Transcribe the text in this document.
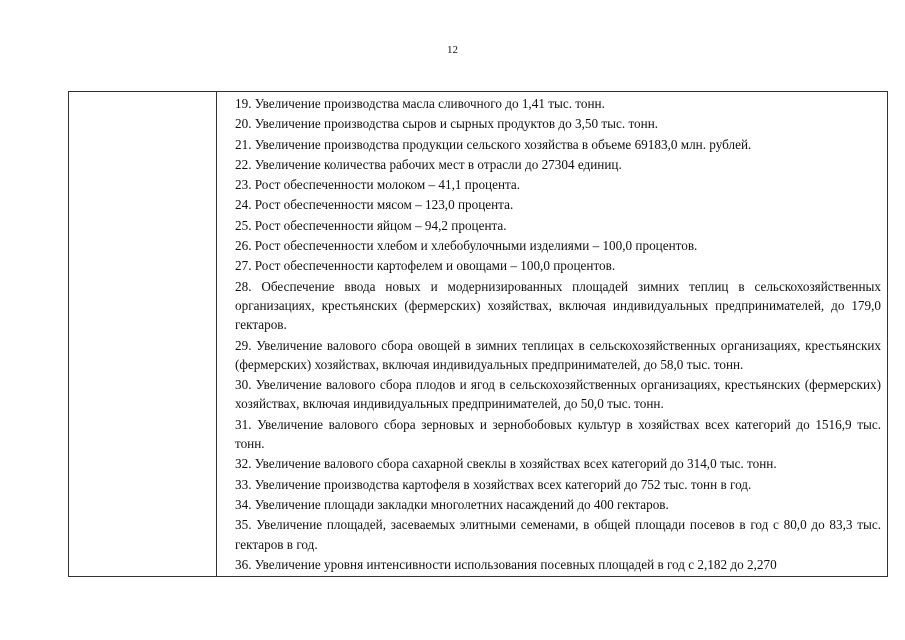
12

19. Увеличение производства масла сливочного до 1,41 тыс. тонн.

20. Увеличение производства сыров и сырных продуктов до 3,50 тыс. тонн.

21. Увеличение производства продукции сельского хозяйства в объеме 69183,0 млн. рублей.

22. Увеличение количества рабочих мест в отрасли до 27304 единиц.

23. Рост обеспеченности молоком – 41,1 процента.

24. Рост обеспеченности мясом – 123,0 процента.

25. Рост обеспеченности яйцом – 94,2 процента.

26. Рост обеспеченности хлебом и хлебобулочными изделиями – 100,0 процентов.

27. Рост обеспеченности картофелем и овощами – 100,0 процентов.

28. Обеспечение ввода новых и модернизированных площадей зимних теплиц в сельскохозяйственных организациях, крестьянских (фермерских) хозяйствах, включая индивидуальных предпринимателей, до 179,0 гектаров.

29. Увеличение валового сбора овощей в зимних теплицах в сельскохозяйственных организациях, крестьянских (фермерских) хозяйствах, включая индивидуальных предпринимателей, до 58,0 тыс. тонн.

30. Увеличение валового сбора плодов и ягод в сельскохозяйственных организациях, крестьянских (фермерских) хозяйствах, включая индивидуальных предпринимателей, до 50,0 тыс. тонн.

31. Увеличение валового сбора зерновых и зернобобовых культур в хозяйствах всех категорий до 1516,9 тыс. тонн.

32. Увеличение валового сбора сахарной свеклы в хозяйствах всех категорий до 314,0 тыс. тонн.

33. Увеличение производства картофеля в хозяйствах всех категорий до 752 тыс. тонн в год.

34. Увеличение площади закладки многолетних насаждений до 400 гектаров.

35. Увеличение площадей, засеваемых элитными семенами, в общей площади посевов в год с 80,0 до 83,3 тыс. гектаров в год.

36. Увеличение уровня интенсивности использования посевных площадей в год с 2,182 до 2,270
